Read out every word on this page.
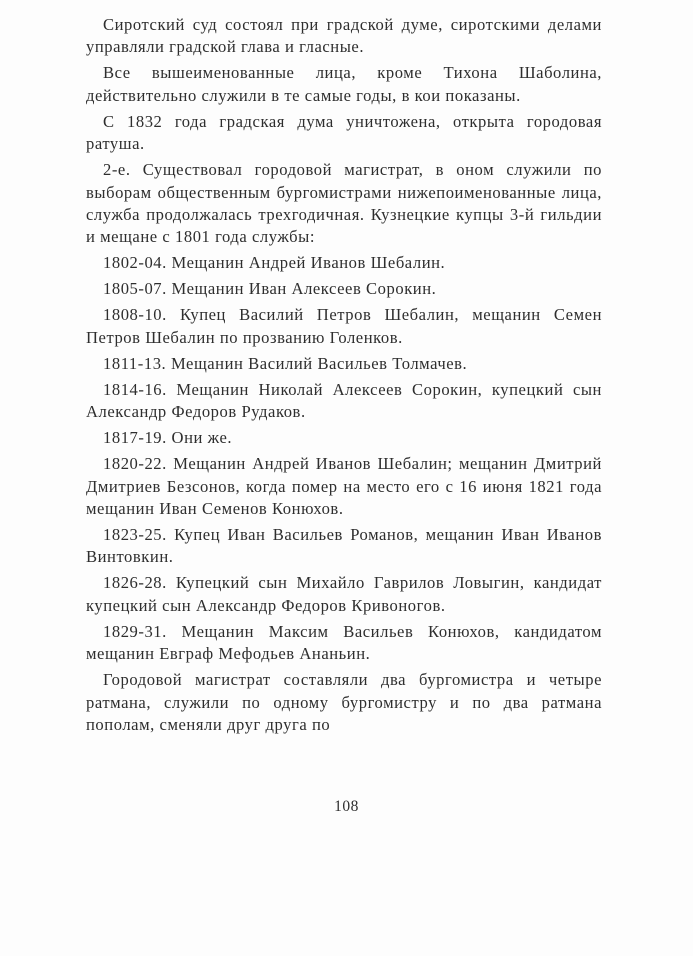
Сиротский суд состоял при градской думе, сиротскими делами управляли градской глава и гласные.

Все вышеименованные лица, кроме Тихона Шаболина, действительно служили в те самые годы, в кои показаны.

С 1832 года градская дума уничтожена, открыта городовая ратуша.

2-е. Существовал городовой магистрат, в оном служили по выборам общественным бургомистрами нижепоименованные лица, служба продолжалась трехгодичная. Кузнецкие купцы 3-й гильдии и мещане с 1801 года службы:

1802-04. Мещанин Андрей Иванов Шебалин.

1805-07. Мещанин Иван Алексеев Сорокин.

1808-10. Купец Василий Петров Шебалин, мещанин Семен Петров Шебалин по прозванию Голенков.

1811-13. Мещанин Василий Васильев Толмачев.

1814-16. Мещанин Николай Алексеев Сорокин, купецкий сын Александр Федоров Рудаков.

1817-19. Они же.

1820-22. Мещанин Андрей Иванов Шебалин; мещанин Дмитрий Дмитриев Безсонов, когда помер на место его с 16 июня 1821 года мещанин Иван Семенов Конюхов.

1823-25. Купец Иван Васильев Романов, мещанин Иван Иванов Винтовкин.

1826-28. Купецкий сын Михайло Гаврилов Ловыгин, кандидат купецкий сын Александр Федоров Кривоногов.

1829-31. Мещанин Максим Васильев Конюхов, кандидатом мещанин Евграф Мефодьев Ананьин.

Городовой магистрат составляли два бургомистра и четыре ратмана, служили по одному бургомистру и по два ратмана пополам, сменяли друг друга по

108
